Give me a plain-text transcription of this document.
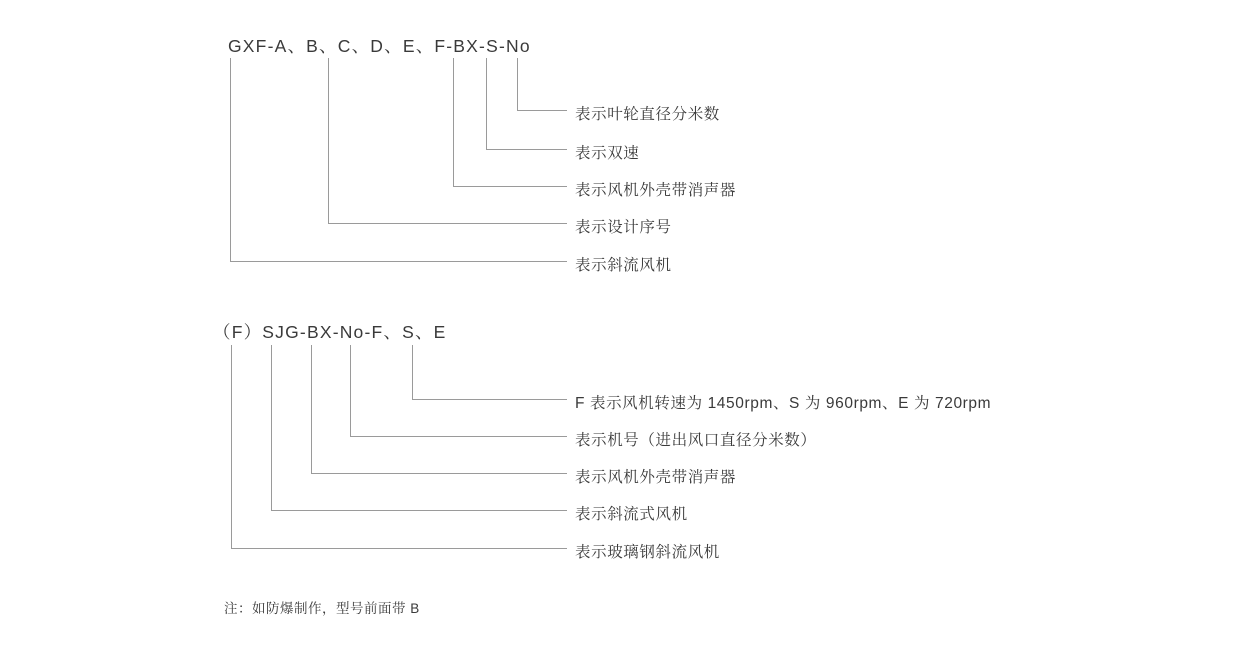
GXF-A、B、C、D、E、F-BX-S-No
表示叶轮直径分米数
表示双速
表示风机外壳带消声器
表示设计序号
表示斜流风机
（F）SJG-BX-No-F、S、E
F 表示风机转速为 1450rpm、S 为 960rpm、E 为 720rpm
表示机号（进出风口直径分米数）
表示风机外壳带消声器
表示斜流式风机
表示玻璃钢斜流风机
注：如防爆制作，型号前面带 B
